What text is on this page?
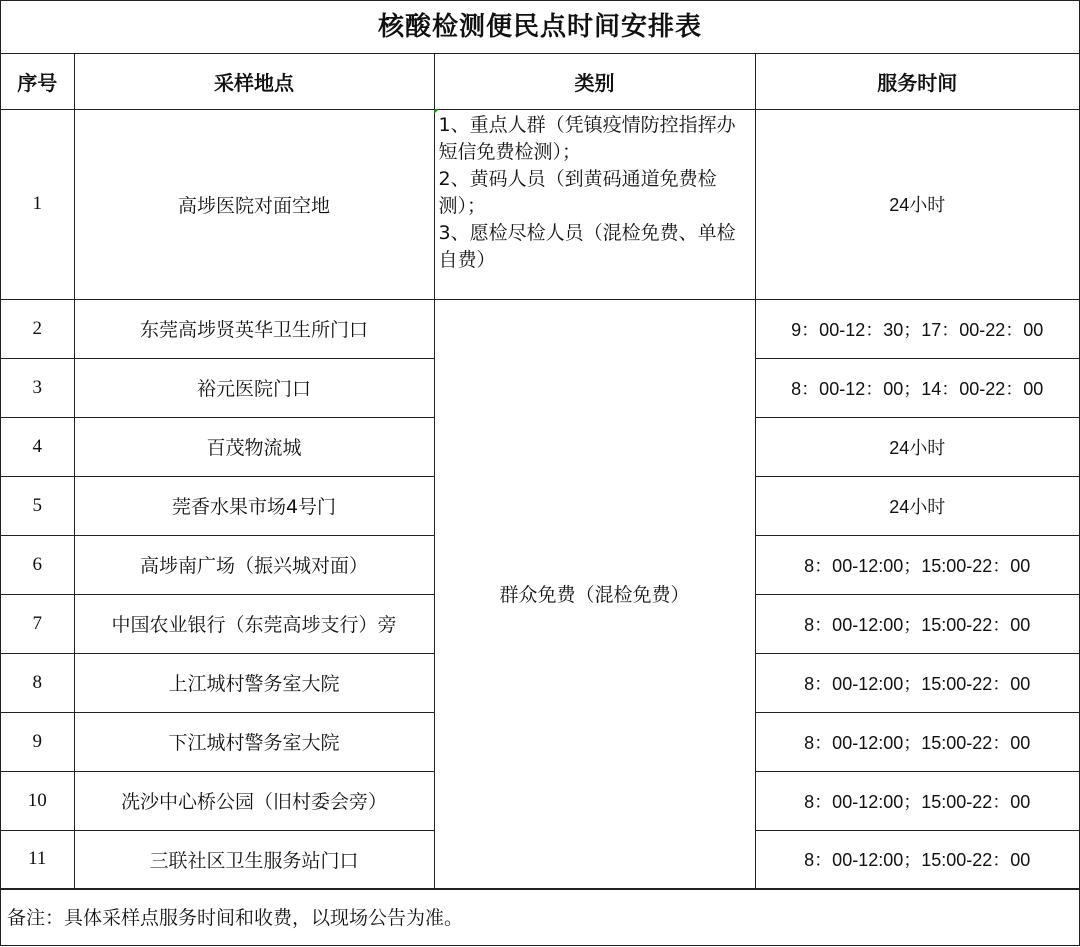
核酸检测便民点时间安排表
序号	采样地点	类别	服务时间
1	高埗医院对面空地	1、重点人群（凭镇疫情防控指挥办短信免费检测）；
2、黄码人员（到黄码通道免费检测）；
3、愿检尽检人员（混检免费、单检自费）	24小时
2	东莞高埗贤英华卫生所门口	群众免费（混检免费）	9：00-12：30；17：00-22：00
3	裕元医院门口		8：00-12：00；14：00-22：00
4	百茂物流城		24小时
5	莞香水果市场4号门		24小时
6	高埗南广场（振兴城对面）		8：00-12:00；15:00-22：00
7	中国农业银行（东莞高埗支行）旁		8：00-12:00；15:00-22：00
8	上江城村警务室大院		8：00-12:00；15:00-22：00
9	下江城村警务室大院		8：00-12:00；15:00-22：00
10	冼沙中心桥公园（旧村委会旁）		8：00-12:00；15:00-22：00
11	三联社区卫生服务站门口		8：00-12:00；15:00-22：00
备注：具体采样点服务时间和收费，以现场公告为准。
